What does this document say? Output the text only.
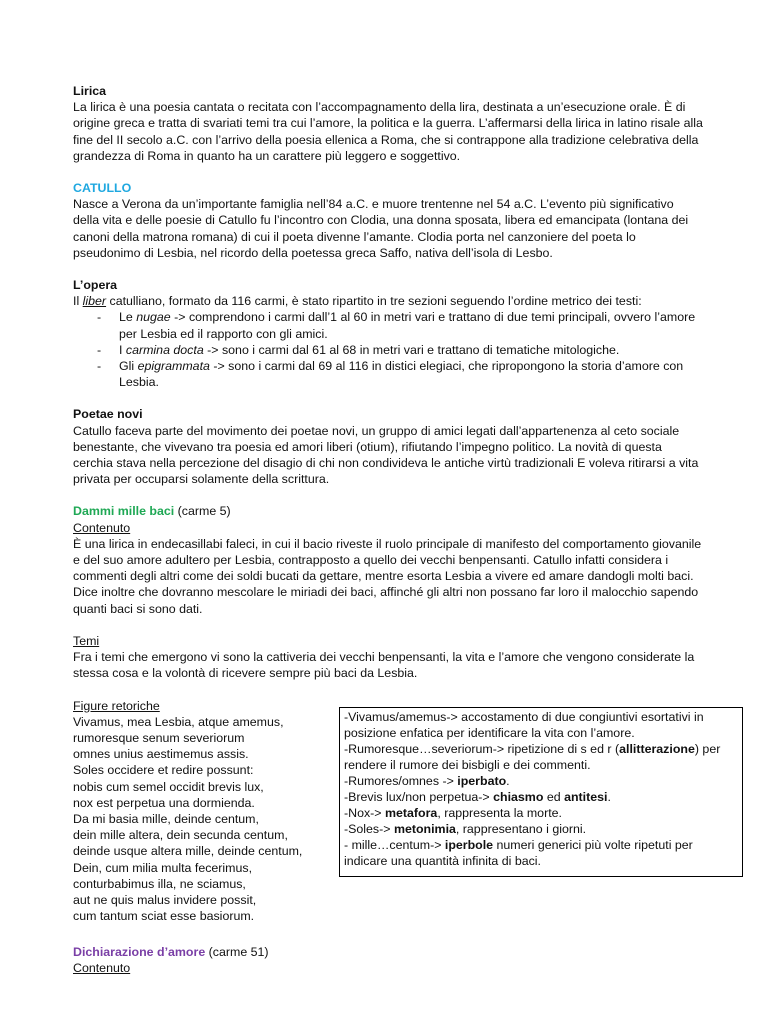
Lirica

La lirica è una poesia cantata o recitata con l’accompagnamento della lira, destinata a un’esecuzione orale. È di origine greca e tratta di svariati temi tra cui l’amore, la politica e la guerra. L’affermarsi della lirica in latino risale alla fine del II secolo a.C. con l’arrivo della poesia ellenica a Roma, che si contrappone alla tradizione celebrativa della grandezza di Roma in quanto ha un carattere più leggero e soggettivo.

CATULLO

Nasce a Verona da un’importante famiglia nell’84 a.C. e muore trentenne nel 54 a.C. L’evento più significativo della vita e delle poesie di Catullo fu l’incontro con Clodia, una donna sposata, libera ed emancipata (lontana dei canoni della matrona romana) di cui il poeta divenne l’amante. Clodia porta nel canzoniere del poeta lo pseudonimo di Lesbia, nel ricordo della poetessa greca Saffo, nativa dell’isola di Lesbo.

L’opera

Il liber catulliano, formato da 116 carmi, è stato ripartito in tre sezioni seguendo l’ordine metrico dei testi:

- Le nugae -> comprendono i carmi dall’1 al 60 in metri vari e trattano di due temi principali, ovvero l’amore per Lesbia ed il rapporto con gli amici.
- I carmina docta -> sono i carmi dal 61 al 68 in metri vari e trattano di tematiche mitologiche.
- Gli epigrammata -> sono i carmi dal 69 al 116 in distici elegiaci, che ripropongono la storia d’amore con Lesbia.

Poetae novi

Catullo faceva parte del movimento dei poetae novi, un gruppo di amici legati dall’appartenenza al ceto sociale benestante, che vivevano tra poesia ed amori liberi (otium), rifiutando l’impegno politico. La novità di questa cerchia stava nella percezione del disagio di chi non condivideva le antiche virtù tradizionali E voleva ritirarsi a vita privata per occuparsi solamente della scrittura.

Dammi mille baci (carme 5)

Contenuto

È una lirica in endecasillabi faleci, in cui il bacio riveste il ruolo principale di manifesto del comportamento giovanile e del suo amore adultero per Lesbia, contrapposto a quello dei vecchi benpensanti. Catullo infatti considera i commenti degli altri come dei soldi bucati da gettare, mentre esorta Lesbia a vivere ed amare dandogli molti baci. Dice inoltre che dovranno mescolare le miriadi dei baci, affinché gli altri non possano far loro il malocchio sapendo quanti baci si sono dati.

Temi

Fra i temi che emergono vi sono la cattiveria dei vecchi benpensanti, la vita e l’amore che vengono considerate la stessa cosa e la volontà di ricevere sempre più baci da Lesbia.

Figure retoriche

Vivamus, mea Lesbia, atque amemus,

rumoresque senum severiorum

omnes unius aestimemus assis.

Soles occidere et redire possunt:

nobis cum semel occidit brevis lux,

nox est perpetua una dormienda.

Da mi basia mille, deinde centum,

dein mille altera, dein secunda centum,

deinde usque altera mille, deinde centum,

Dein, cum milia multa fecerimus,

conturbabimus illa, ne sciamus,

aut ne quis malus invidere possit,

cum tantum sciat esse basiorum.

-Vivamus/amemus-> accostamento di due congiuntivi esortativi in posizione enfatica per identificare la vita con l’amore.

-Rumoresque…severiorum-> ripetizione di s ed r (allitterazione) per rendere il rumore dei bisbigli e dei commenti.

-Rumores/omnes -> iperbato.

-Brevis lux/non perpetua-> chiasmo ed antitesi.

-Nox-> metafora, rappresenta la morte.

-Soles-> metonimia, rappresentano i giorni.

- mille…centum-> iperbole numeri generici più volte ripetuti per indicare una quantità infinita di baci.

Dichiarazione d’amore (carme 51)

Contenuto
